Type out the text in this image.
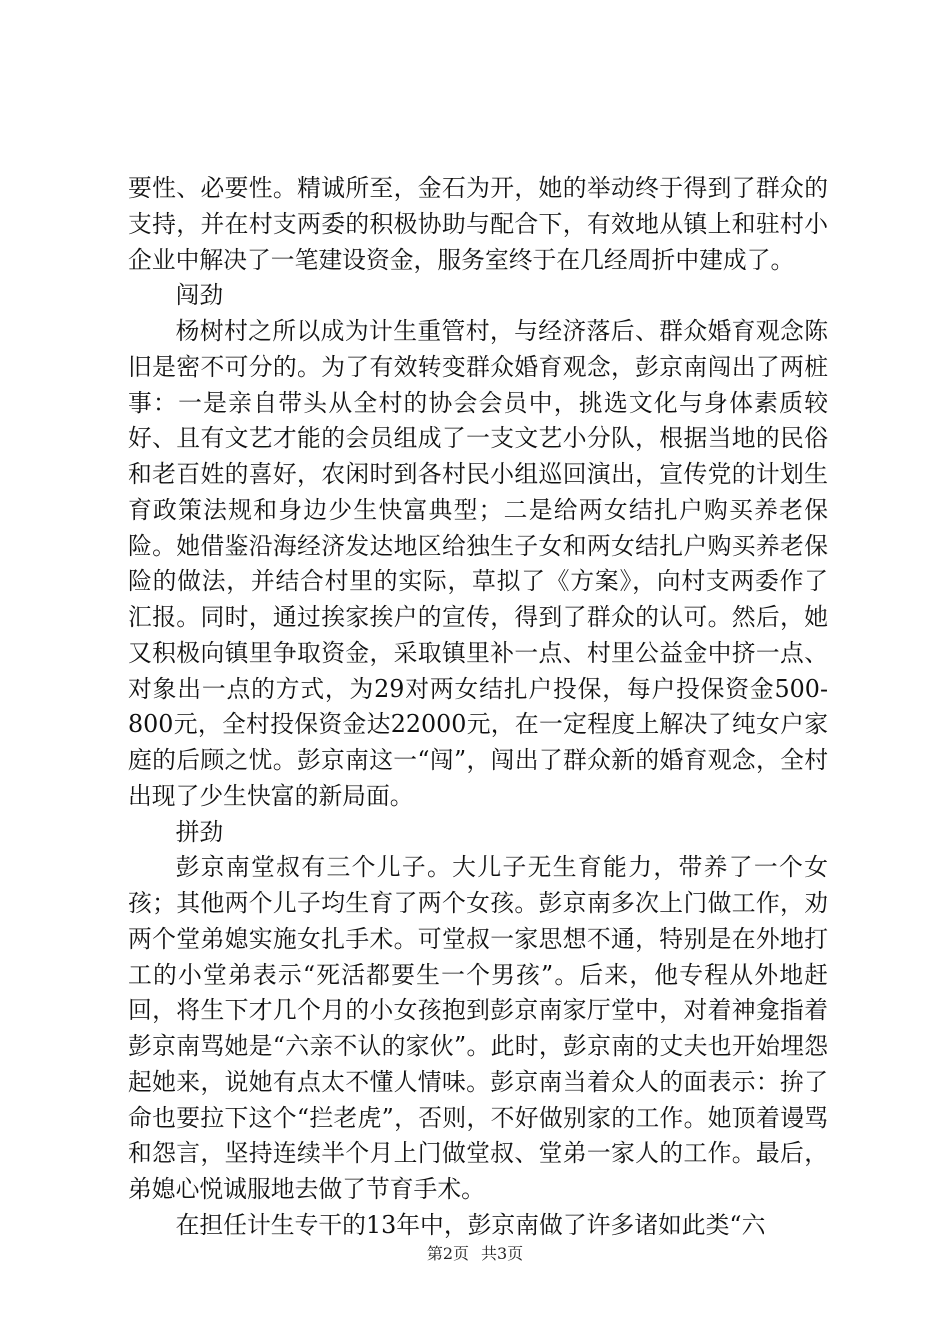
要性、必要性。精诚所至，金石为开，她的举动终于得到了群众的支持，并在村支两委的积极协助与配合下，有效地从镇上和驻村小企业中解决了一笔建设资金，服务室终于在几经周折中建成了。

闯劲

杨树村之所以成为计生重管村，与经济落后、群众婚育观念陈旧是密不可分的。为了有效转变群众婚育观念，彭京南闯出了两桩事：一是亲自带头从全村的协会会员中，挑选文化与身体素质较好、且有文艺才能的会员组成了一支文艺小分队，根据当地的民俗和老百姓的喜好，农闲时到各村民小组巡回演出，宣传党的计划生育政策法规和身边少生快富典型；二是给两女结扎户购买养老保险。她借鉴沿海经济发达地区给独生子女和两女结扎户购买养老保险的做法，并结合村里的实际，草拟了《方案》，向村支两委作了汇报。同时，通过挨家挨户的宣传，得到了群众的认可。然后，她又积极向镇里争取资金，采取镇里补一点、村里公益金中挤一点、对象出一点的方式，为29对两女结扎户投保，每户投保资金500-800元，全村投保资金达22000元，在一定程度上解决了纯女户家庭的后顾之忧。彭京南这一“闯”，闯出了群众新的婚育观念，全村出现了少生快富的新局面。

拼劲

彭京南堂叔有三个儿子。大儿子无生育能力，带养了一个女孩；其他两个儿子均生育了两个女孩。彭京南多次上门做工作，劝两个堂弟媳实施女扎手术。可堂叔一家思想不通，特别是在外地打工的小堂弟表示“死活都要生一个男孩”。后来，他专程从外地赶回，将生下才几个月的小女孩抱到彭京南家厅堂中，对着神龛指着彭京南骂她是“六亲不认的家伙”。此时，彭京南的丈夫也开始埋怨起她来，说她有点太不懂人情味。彭京南当着众人的面表示：拚了命也要拉下这个“拦老虎”，否则，不好做别家的工作。她顶着谩骂和怨言，坚持连续半个月上门做堂叔、堂弟一家人的工作。最后，弟媳心悦诚服地去做了节育手术。

在担任计生专干的13年中，彭京南做了许多诸如此类“六

第2页 共3页
